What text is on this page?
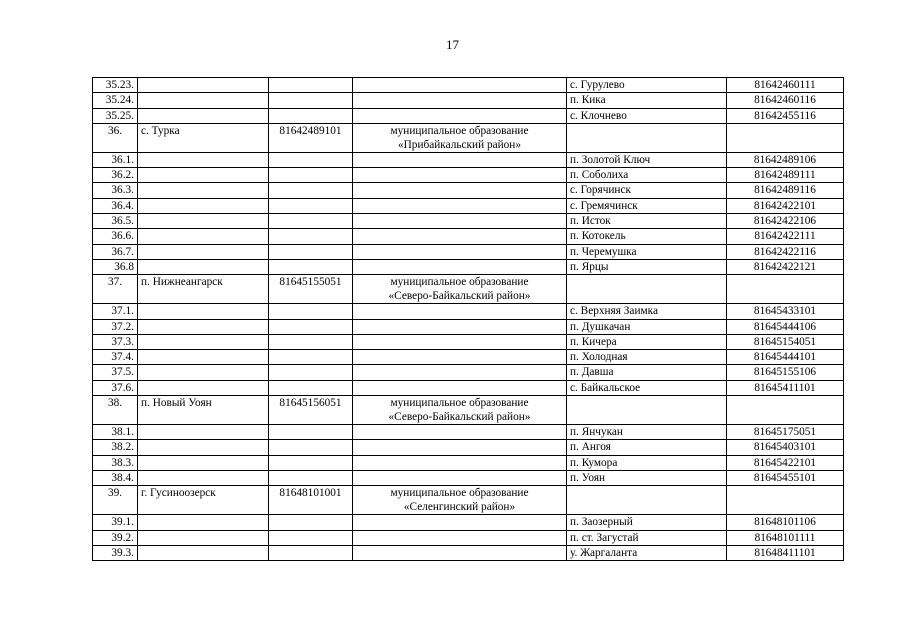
17
35.23.				с. Гурулево	81642460111
35.24.				п. Кика	81642460116
35.25.				с. Клочнево	81642455116
36.	с. Турка	81642489101	муниципальное образование
«Прибайкальский район»		

36.1.				п. Золотой Ключ	81642489106
36.2.				п. Соболиха	81642489111
36.3.				с. Горячинск	81642489116
36.4.				с. Гремячинск	81642422101
36.5.				п. Исток	81642422106
36.6.				п. Котокель	81642422111
36.7.				п. Черемушка	81642422116
36.8				п. Ярцы	81642422121
37.	п. Нижнеангарск	81645155051	муниципальное образование
«Северо-Байкальский район»		

37.1.				с. Верхняя Заимка	81645433101
37.2.				п. Душкачан	81645444106
37.3.				п. Кичера	81645154051
37.4.				п. Холодная	81645444101
37.5.				п. Давша	81645155106
37.6.				с. Байкальское	81645411101
38.	п. Новый Уоян	81645156051	муниципальное образование
«Северо-Байкальский район»		

38.1.				п. Янчукан	81645175051
38.2.				п. Ангоя	81645403101
38.3.				п. Кумора	81645422101
38.4.				п. Уоян	81645455101
39.	г. Гусиноозерск	81648101001	муниципальное образование
«Селенгинский район»		

39.1.				п. Заозерный	81648101106
39.2.				п. ст. Загустай	81648101111
39.3.				у. Жаргаланта	81648411101
